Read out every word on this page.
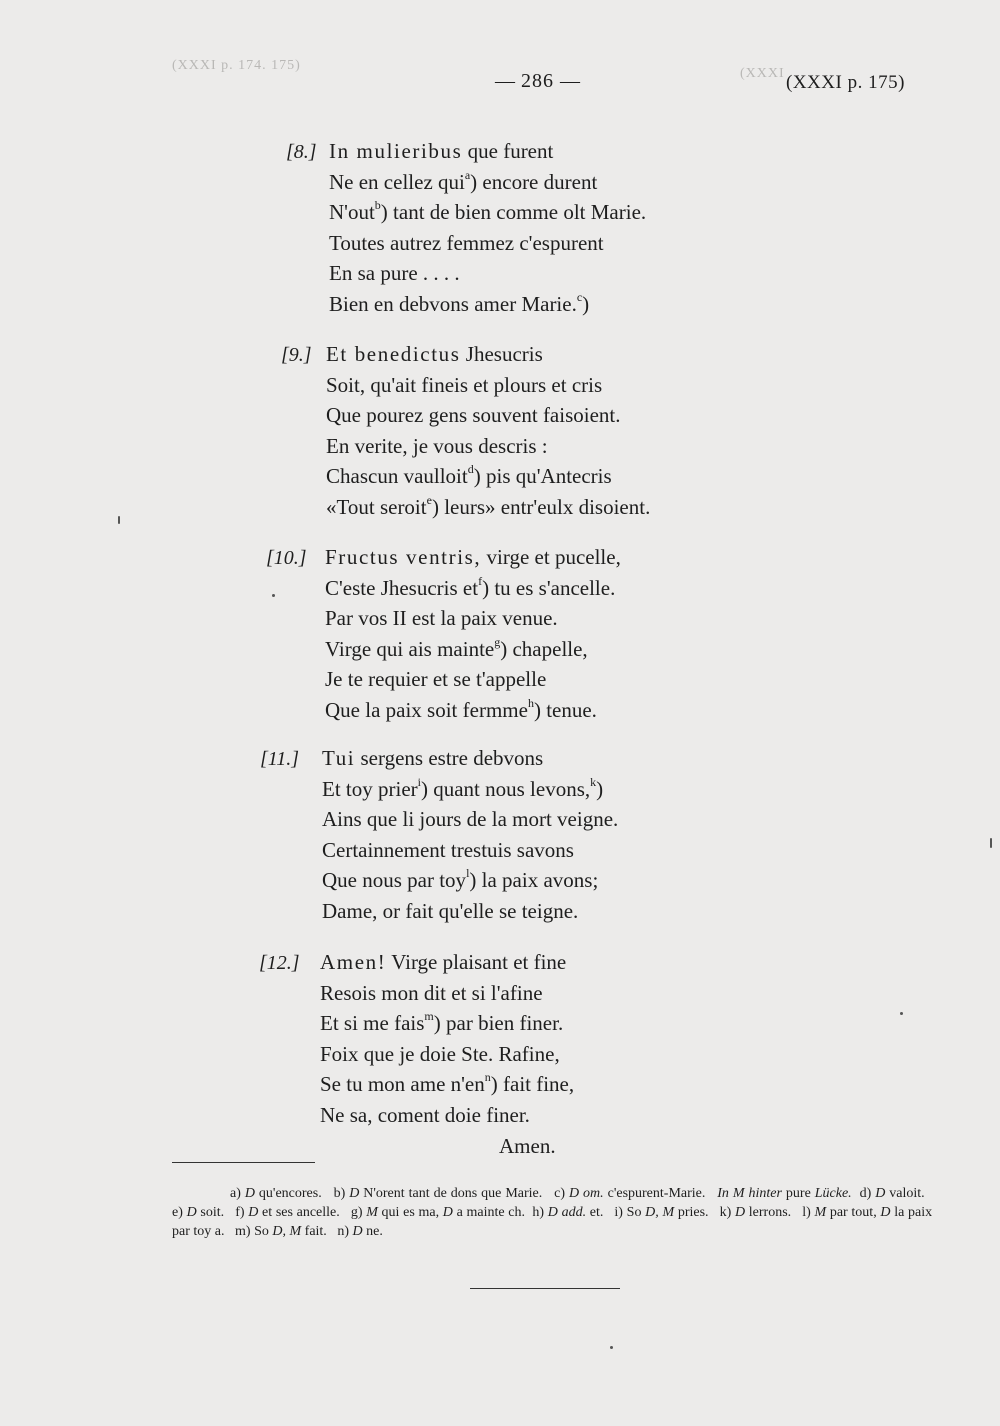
(XXXI p. 174. 175)
(XXXI
— 286 —	(XXXI p. 175)
[8.] In mulieribus que furent
Ne en cellez qui$^a$) encore durent
N'out$^b$) tant de bien comme olt Marie.
Toutes autrez femmez c'espurent
En sa pure . . . .
Bien en debvons amer Marie.$^c$)
[9.] Et benedictus Jhesucris
Soit, qu'ait fineis et plours et cris
Que pourez gens souvent faisoient.
En verite, je vous descris :
Chascun vaulloit$^d$) pis qu'Antecris
«Tout seroit$^e$) leurs» entr'eulx disoient.
[10.] Fructus ventris, virge et pucelle,
C'este Jhesucris $et^f$) tu es s'ancelle.
Par vos II est la paix venue.
Virge qui ais mainte$^g$) chapelle,
Je te requier et se t'appelle
Que la paix soit fermme$^h$) tenue.
[11.] Tui sergens estre debvons
Et toy prier$^i$) quant nous levons,$^k$)
Ains que li jours de la mort veigne.
Certainnement trestuis savons
Que nous par toy$^l$) la paix avons;
Dame, or fait qu'elle se teigne.
[12.] Amen! Virge plaisant et fine
Resois mon dit et si l'afine
Et si me fais$^m$) par bien finer.
Foix que je doie Ste. Rafine,
Se tu mon ame $n'en^n$) fait fine,
Ne sa, coment doie finer.
Amen.

a) D qu'encores. b) D N'orent tant de dons que Marie. c) D om. c'espurent-Marie. In M hinter pure Lücke. d) D valoit.   e) D soit. f) D et ses ancelle. g) M qui es ma, D a mainte ch. h) D add. et. i) So D, M pries. k) D lerrons. l) M par tout, D la paix par toy a. m) So D, M fait. n) D ne.
